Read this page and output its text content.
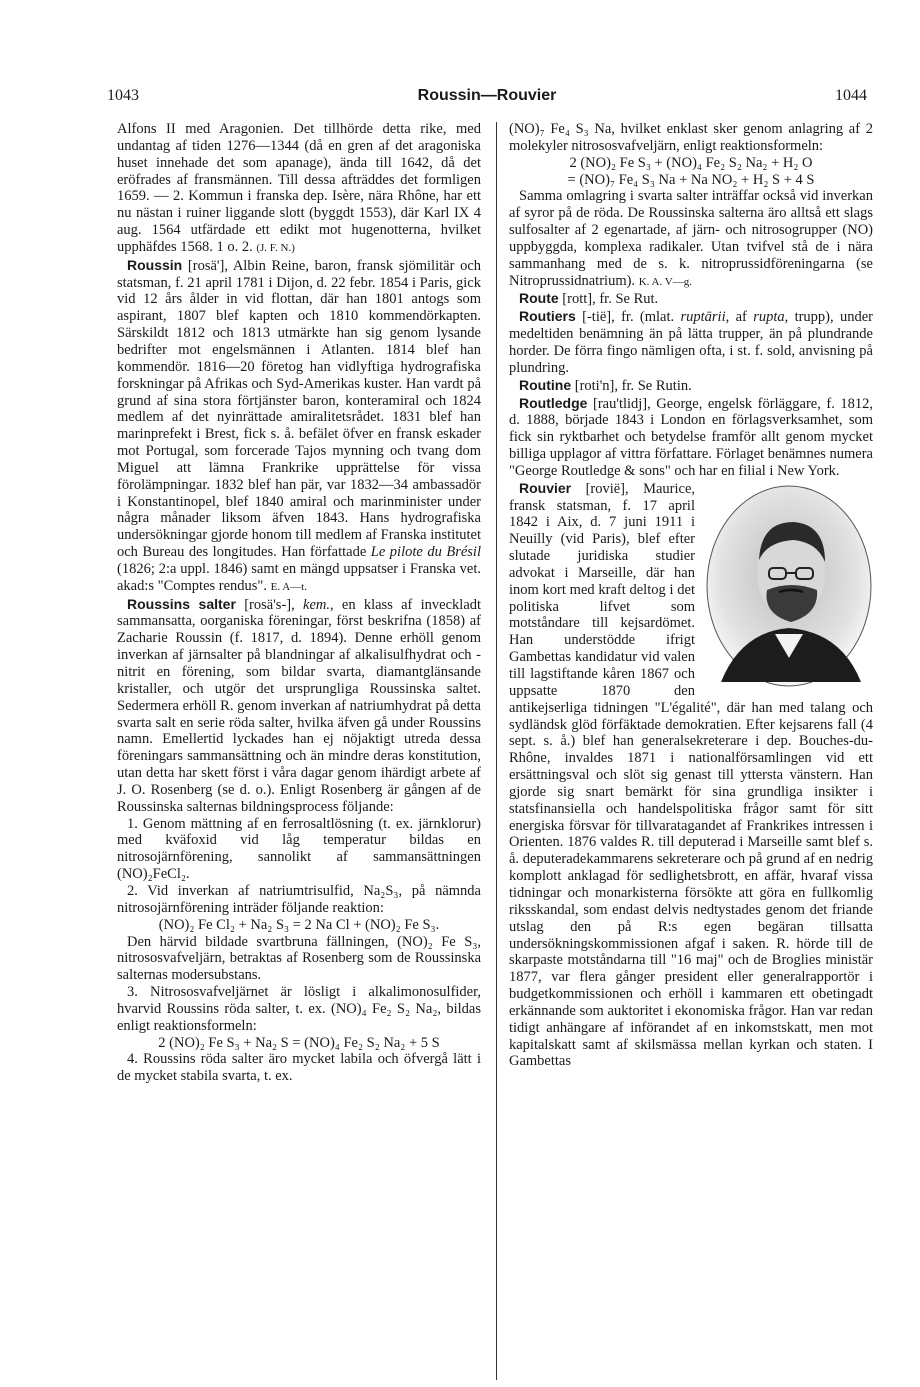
1043	Roussin—Rouvier	1044

Alfons II med Aragonien. Det tillhörde detta rike, med undantag af tiden 1276—1344 (då en gren af det aragoniska huset innehade det som apanage), ända till 1642, då det eröfrades af fransmännen. Till dessa afträddes det formligen 1659. — 2. Kommun i franska dep. Isère, nära Rhône, har ett nu nästan i ruiner liggande slott (byggdt 1553), där Karl IX 4 aug. 1564 utfärdade ett edikt mot hugenotterna, hvilket upphäfdes 1568. 1 o. 2. (J. F. N.)

Roussin [rosä'], Albin Reine, baron, fransk sjömilitär och statsman, f. 21 april 1781 i Dijon, d. 22 febr. 1854 i Paris, gick vid 12 års ålder in vid flottan, där han 1801 antogs som aspirant, 1807 blef kapten och 1810 kommendörkapten. Särskildt 1812 och 1813 utmärkte han sig genom lysande bedrifter mot engelsmännen i Atlanten. 1814 blef han kommendör. 1816—20 företog han vidlyftiga hydrografiska forskningar på Afrikas och Syd-Amerikas kuster. Han vardt på grund af sina stora förtjänster baron, konteramiral och 1824 medlem af det nyinrättade amiralitetsrådet. 1831 blef han marinprefekt i Brest, fick s. å. befälet öfver en fransk eskader mot Portugal, som forcerade Tajos mynning och tvang dom Miguel att lämna Frankrike upprättelse för vissa förolämpningar. 1832 blef han pär, var 1832—34 ambassadör i Konstantinopel, blef 1840 amiral och marinminister under några månader liksom äfven 1843. Hans hydrografiska undersökningar gjorde honom till medlem af Franska institutet och Bureau des longitudes. Han författade Le pilote du Brésil (1826; 2:a uppl. 1846) samt en mängd uppsatser i Franska vet. akad:s "Comptes rendus". E. A—t.

Roussins salter [rosä's-], kem., en klass af inveckladt sammansatta, oorganiska föreningar, först beskrifna (1858) af Zacharie Roussin (f. 1817, d. 1894). Denne erhöll genom inverkan af järnsalter på blandningar af alkalisulfhydrat och -nitrit en förening, som bildar svarta, diamantglänsande kristaller, och utgör det ursprungliga Roussinska saltet. Sedermera erhöll R. genom inverkan af natriumhydrat på detta svarta salt en serie röda salter, hvilka äfven gå under Roussins namn. Emellertid lyckades han ej nöjaktigt utreda dessa föreningars sammansättning och än mindre deras konstitution, utan detta har skett först i våra dagar genom ihärdigt arbete af J. O. Rosenberg (se d. o.). Enligt Rosenberg är gången af de Roussinska salternas bildningsprocess följande:

1. Genom mättning af en ferrosaltlösning (t. ex. järnklorur) med kväfoxid vid låg temperatur bildas en nitrosojärnförening, sannolikt af sammansättningen (NO)₂FeCl₂.

2. Vid inverkan af natriumtrisulfid, Na₂S₃, på nämnda nitrosojärnförening inträder följande reaktion:

(NO)₂ Fe Cl₂ + Na₂ S₃ = 2 Na Cl + (NO)₂ Fe S₃.

Den härvid bildade svartbruna fällningen, (NO)₂ Fe S₃, nitrososvafveljärn, betraktas af Rosenberg som de Roussinska salternas modersubstans.

3. Nitrososvafveljärnet är lösligt i alkalimonosulfider, hvarvid Roussins röda salter, t. ex. (NO)₄ Fe₂ S₂ Na₂, bildas enligt reaktionsformeln:

2 (NO)₂ Fe S₃ + Na₂ S = (NO)₄ Fe₂ S₂ Na₂ + 5 S

4. Roussins röda salter äro mycket labila och öfvergå lätt i de mycket stabila svarta, t. ex.

(NO)₇ Fe₄ S₃ Na, hvilket enklast sker genom anlagring af 2 molekyler nitrososvafveljärn, enligt reaktionsformeln:

2 (NO)₂ Fe S₃ + (NO)₄ Fe₂ S₂ Na₂ + H₂ O

= (NO)₇ Fe₄ S₃ Na + Na NO₂ + H₂ S + 4 S

Samma omlagring i svarta salter inträffar också vid inverkan af syror på de röda. De Roussinska salterna äro alltså ett slags sulfosalter af 2 egenartade, af järn- och nitrosogrupper (NO) uppbyggda, komplexa radikaler. Utan tvifvel stå de i nära sammanhang med de s. k. nitroprussidföreningarna (se Nitroprussidnatrium). K. A. V—g.

Route [rott], fr. Se Rut.

Routiers [-tië], fr. (mlat. ruptārii, af rupta, trupp), under medeltiden benämning än på lätta trupper, än på plundrande horder. De förra fingo nämligen ofta, i st. f. sold, anvisning på plundring.

Routine [roti'n], fr. Se Rutin.

Routledge [rau'tlidj], George, engelsk förläggare, f. 1812, d. 1888, började 1843 i London en förlagsverksamhet, som fick sin ryktbarhet och betydelse framför allt genom mycket billiga upplagor af vittra författare. Förlaget benämnes numera "George Routledge & sons" och har en filial i New York.

Rouvier [rovië], Maurice, fransk statsman, f. 17 april 1842 i Aix, d. 7 juni 1911 i Neuilly (vid Paris), blef efter slutade juridiska studier advokat i Marseille, där han inom kort med kraft deltog i det politiska lifvet som motståndare till kejsardömet. Han understödde ifrigt Gambettas kandidatur vid valen till lagstiftande kåren 1867 och uppsatte 1870 den antikejserliga tidningen "L'égalité", där han med talang och sydländsk glöd förfäktade demokratien. Efter kejsarens fall (4 sept. s. å.) blef han generalsekreterare i dep. Bouches-du-Rhône, invaldes 1871 i nationalförsamlingen vid ett ersättningsval och slöt sig genast till yttersta vänstern. Han gjorde sig snart bemärkt för sina grundliga insikter i statsfinansiella och handelspolitiska frågor samt för sitt energiska försvar för tillvaratagandet af Frankrikes intressen i Orienten. 1876 valdes R. till deputerad i Marseille samt blef s. å. deputeradekammarens sekreterare och på grund af en nedrig komplott anklagad för sedlighetsbrott, en affär, hvaraf vissa tidningar och monarkisterna försökte att göra en fullkomlig riksskandal, som endast delvis nedtystades genom det friande utslag den på R:s egen begäran tillsatta undersökningskommissionen afgaf i saken. R. hörde till de skarpaste motståndarna till "16 maj" och de Broglies ministär 1877, var flera gånger president eller generalrapportör i budgetkommissionen och erhöll i kammaren ett obetingadt erkännande som auktoritet i ekonomiska frågor. Han var redan tidigt anhängare af införandet af en inkomstskatt, men mot kapitalskatt samt af skilsmässa mellan kyrkan och staten. I Gambettas
